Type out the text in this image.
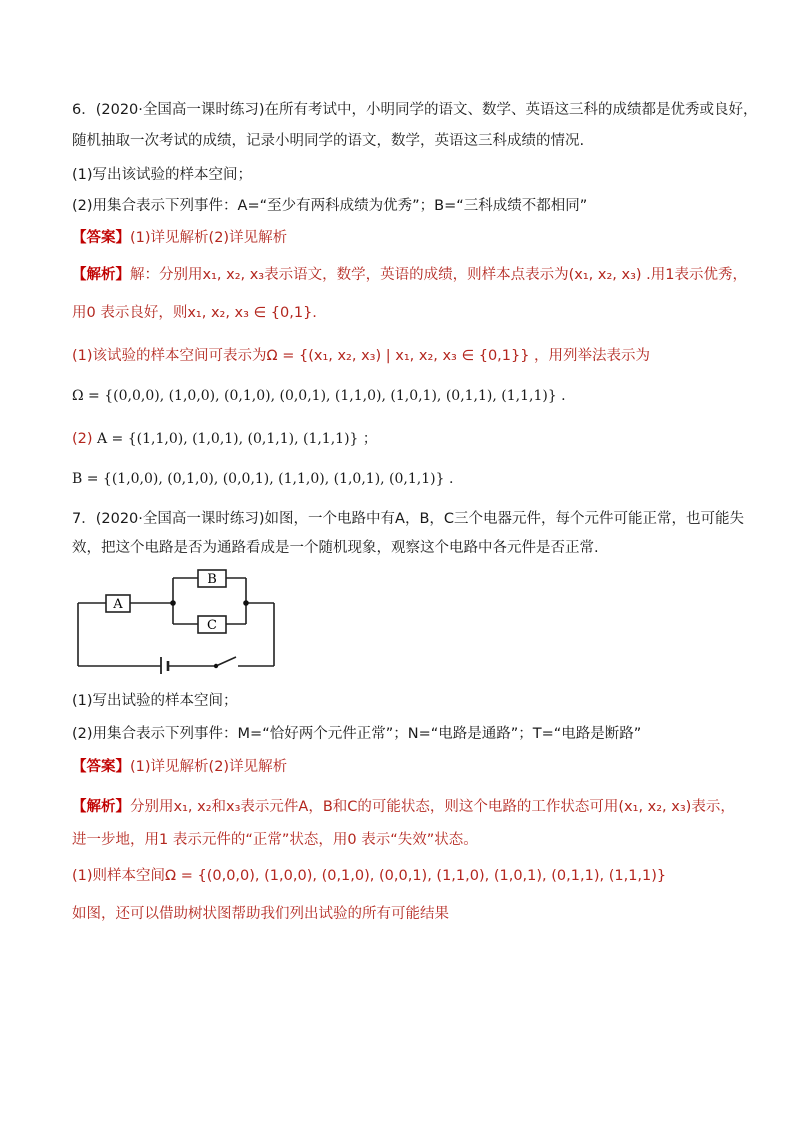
6．(2020·全国高一课时练习)在所有考试中，小明同学的语文、数学、英语这三科的成绩都是优秀或良好，
随机抽取一次考试的成绩，记录小明同学的语文，数学，英语这三科成绩的情况.
(1)写出该试验的样本空间；
(2)用集合表示下列事件：A=“至少有两科成绩为优秀”；B=“三科成绩不都相同”
【答案】(1)详见解析(2)详见解析
【解析】解：分别用x₁, x₂, x₃表示语文，数学，英语的成绩，则样本点表示为(x₁, x₂, x₃) .用1表示优秀，
用0 表示良好，则x₁, x₂, x₃ ∈ {0,1}.
(1)该试验的样本空间可表示为Ω = {(x₁, x₂, x₃) | x₁, x₂, x₃ ∈ {0,1}} ，用列举法表示为
Ω = {(0,0,0), (1,0,0), (0,1,0), (0,0,1), (1,1,0), (1,0,1), (0,1,1), (1,1,1)} .
(2) A = {(1,1,0), (1,0,1), (0,1,1), (1,1,1)} ；
B = {(1,0,0), (0,1,0), (0,0,1), (1,1,0), (1,0,1), (0,1,1)} .
7．(2020·全国高一课时练习)如图，一个电路中有A，B，C三个电器元件，每个元件可能正常，也可能失
效，把这个电路是否为通路看成是一个随机现象，观察这个电路中各元件是否正常.
A
B
C
(1)写出试验的样本空间；
(2)用集合表示下列事件：M=“恰好两个元件正常”；N=“电路是通路”；T=“电路是断路”
【答案】(1)详见解析(2)详见解析
【解析】分别用x₁, x₂和x₃表示元件A，B和C的可能状态，则这个电路的工作状态可用(x₁, x₂, x₃)表示，
进一步地，用1 表示元件的“正常”状态，用0 表示“失效”状态。
(1)则样本空间Ω = {(0,0,0), (1,0,0), (0,1,0), (0,0,1), (1,1,0), (1,0,1), (0,1,1), (1,1,1)}
如图，还可以借助树状图帮助我们列出试验的所有可能结果
